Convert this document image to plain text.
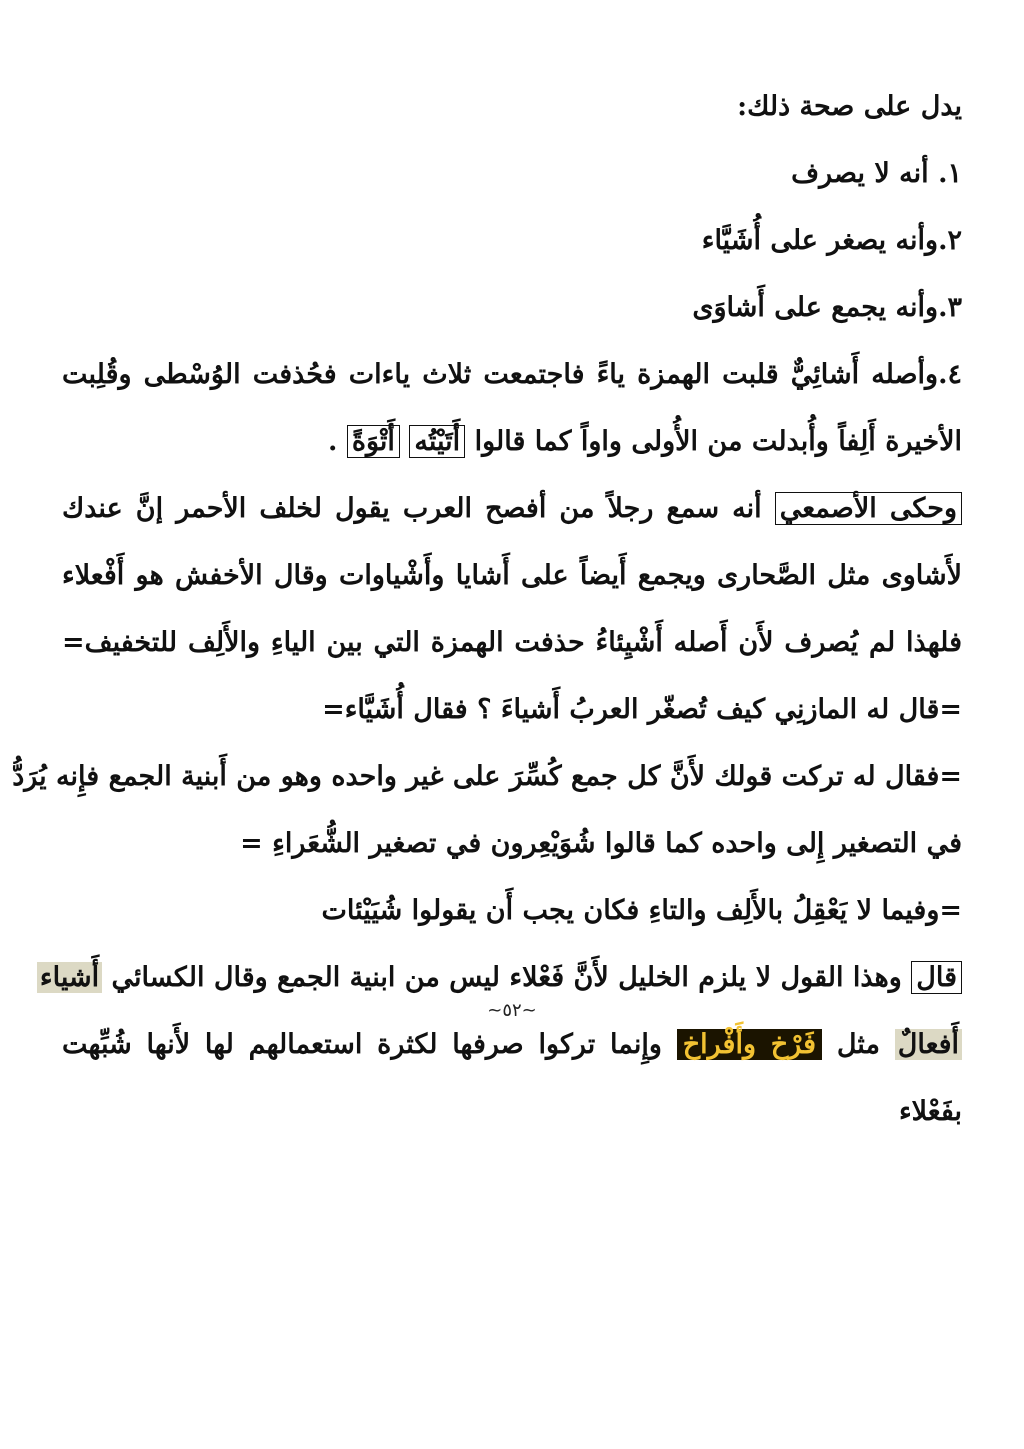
يدل على صحة ذلك:
١. أنه لا يصرف
٢.وأنه يصغر على أُشَيَّاء
٣.وأنه يجمع على أَشاوَى
٤.وأصله أَشائِيٌّ قلبت الهمزة ياءً فاجتمعت ثلاث ياءات فحُذفت الوُسْطى وقُلِبت
الأخيرة أَلِفاً وأُبدلت من الأُولى واواً كما قالوا أَتَيْتُه أَتْوَةً .
وحكى الأصمعي أنه سمع رجلاً من أفصح العرب يقول لخلف الأحمر إنَّ عندك
لأَشاوى مثل الصَّحارى ويجمع أَيضاً على أَشايا وأَشْياوات وقال الأخفش هو أَفْعلاء
فلهذا لم يُصرف لأَن أَصله أَشْيِئاءُ حذفت الهمزة التي بين الياءِ والأَلِف للتخفيف=
=قال له المازنِي كيف تُصغّر العربُ أَشياءَ ؟ فقال أُشَيَّاء=
=فقال له تركت قولك لأَنَّ كل جمع كُسِّرَ على غير واحده وهو من أَبنية الجمع فإِنه يُرَدُّ
في التصغير إِلى واحده كما قالوا شُوَيْعِرون في تصغير الشُّعَراءِ =
=وفيما لا يَعْقِلُ بالأَلِف والتاءِ فكان يجب أَن يقولوا شُيَيْئات
قال وهذا القول لا يلزم الخليل لأَنَّ فَعْلاء ليس من ابنية الجمع وقال الكسائي أَشياء
أَفعالٌ مثل فَرْخ وأَفْراخ وإِنما تركوا صرفها لكثرة استعمالهم لها لأَنها شُبِّهت
بفَعْلاء
~٥٢~
